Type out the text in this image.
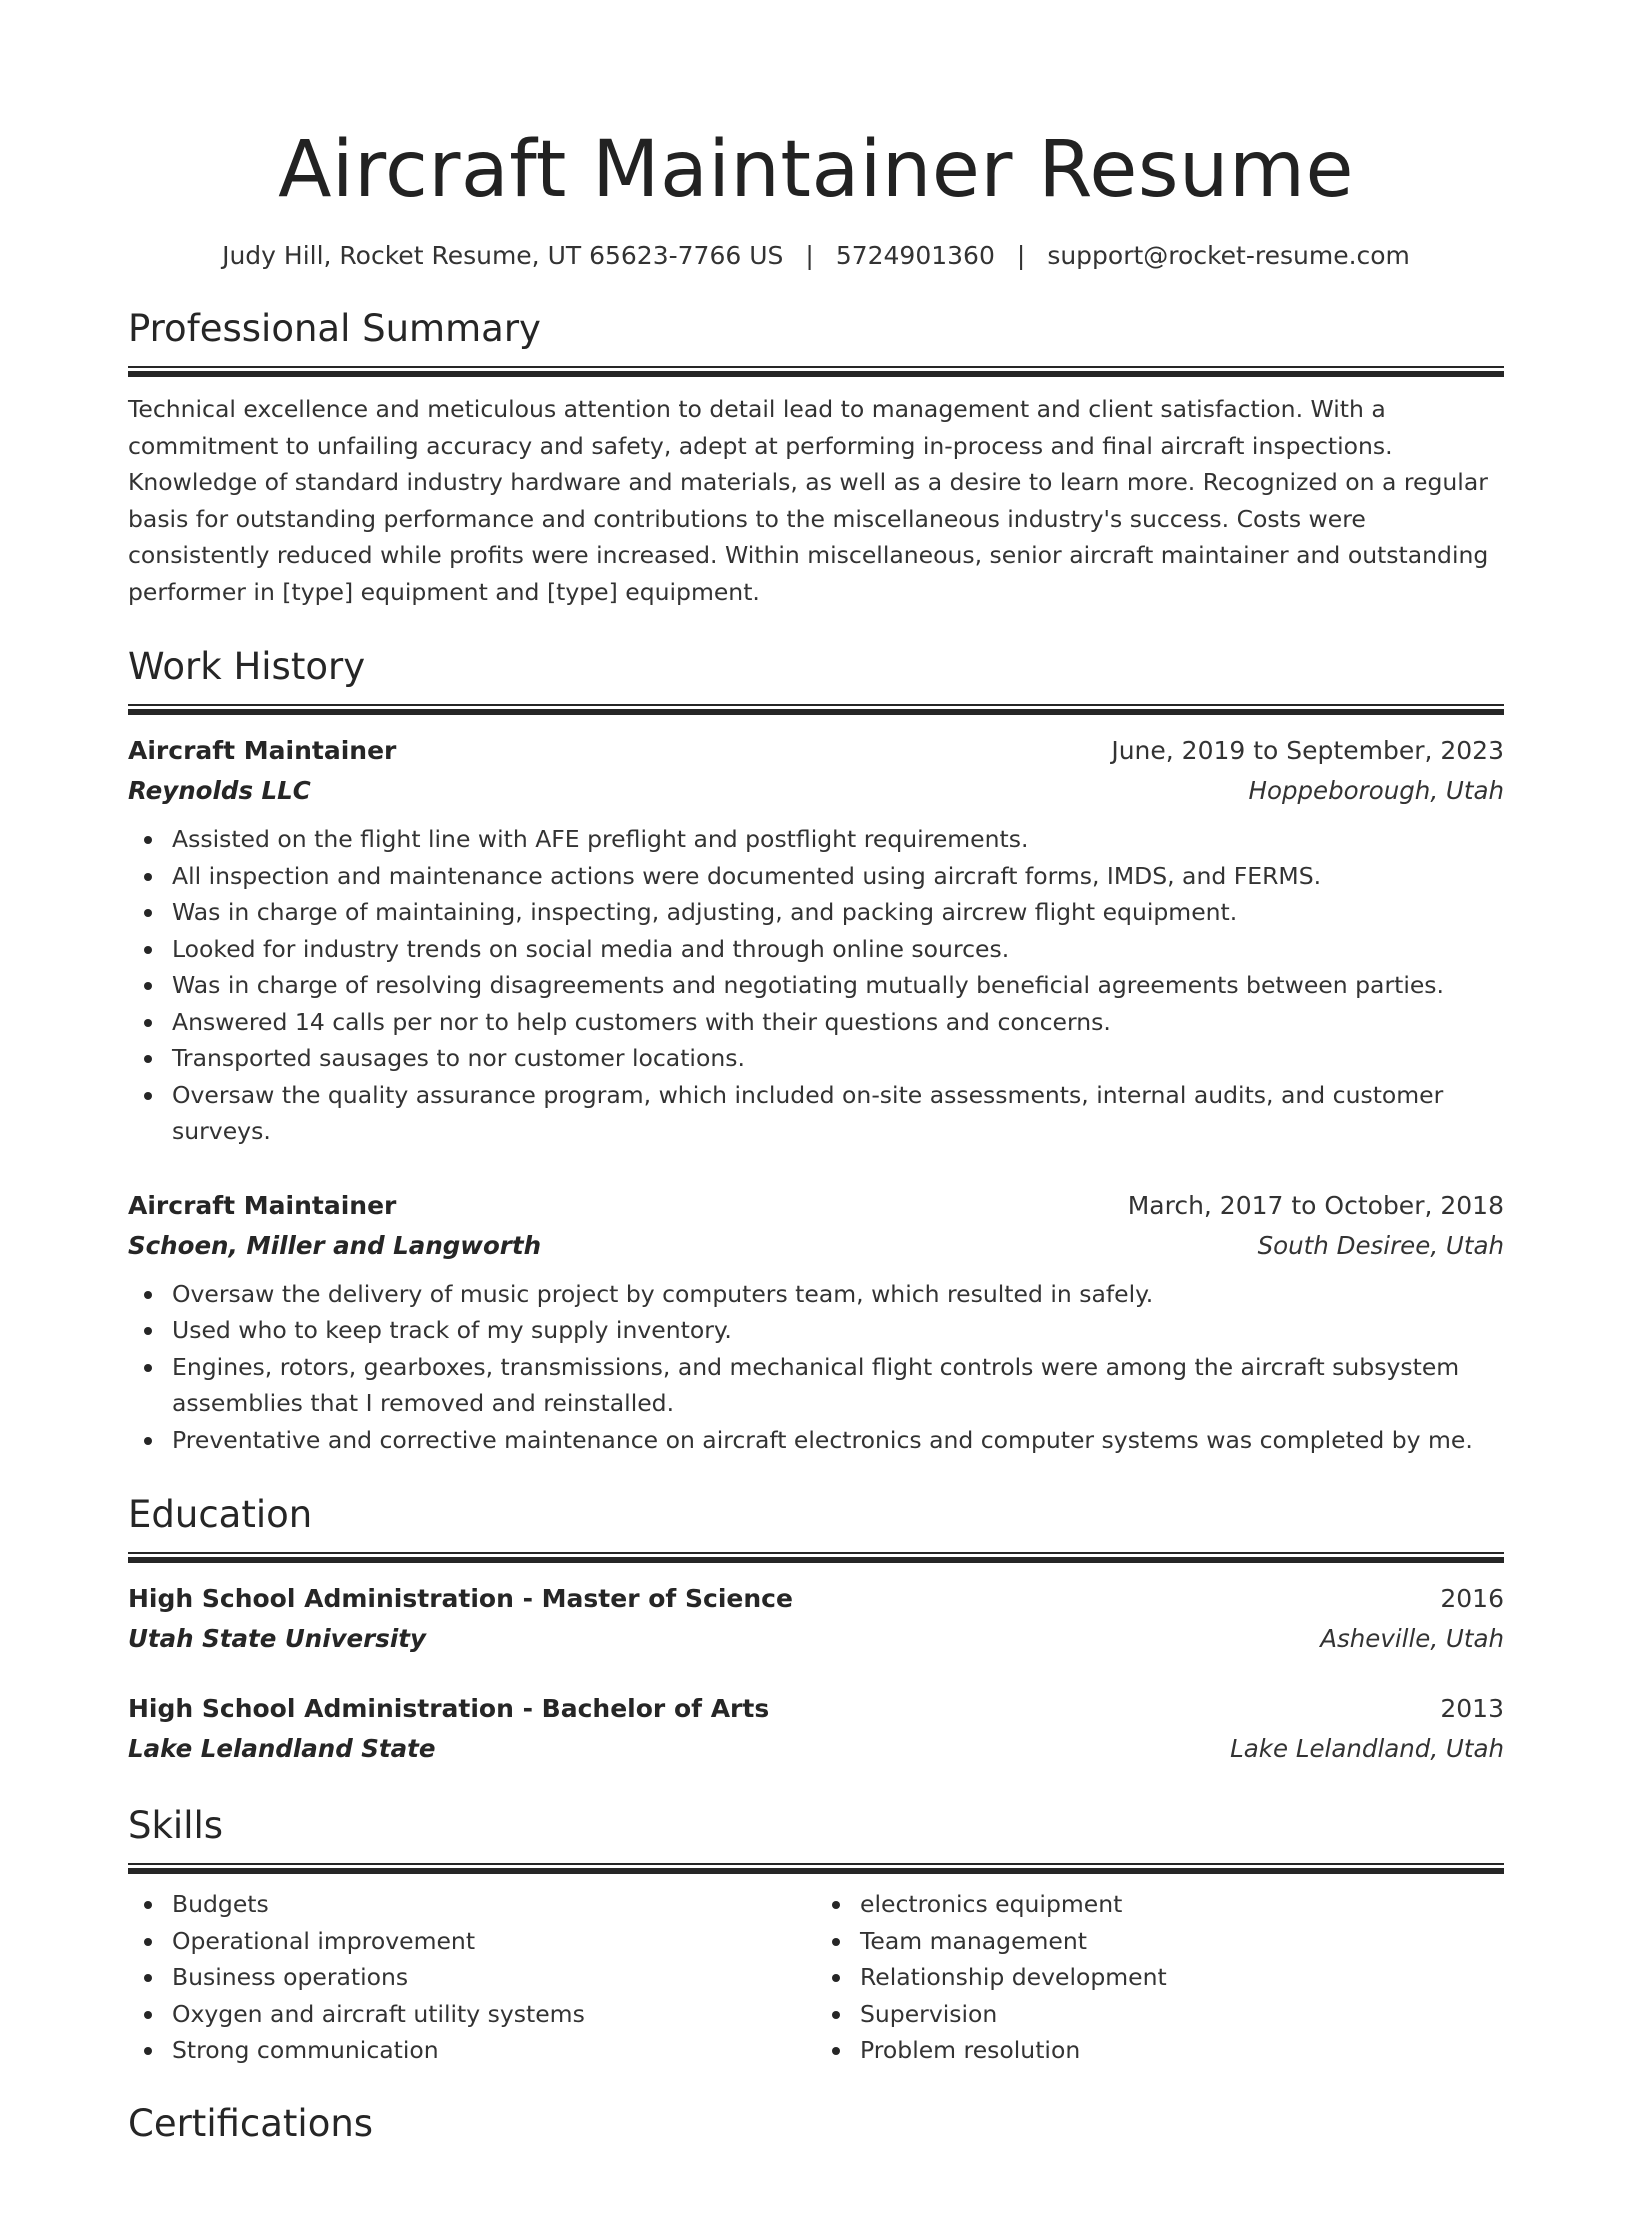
Aircraft Maintainer Resume
Judy Hill, Rocket Resume, UT 65623-7766 US | 5724901360 | support@rocket-resume.com
Professional Summary

Technical excellence and meticulous attention to detail lead to management and client satisfaction. With a commitment to unfailing accuracy and safety, adept at performing in-process and final aircraft inspections. Knowledge of standard industry hardware and materials, as well as a desire to learn more. Recognized on a regular basis for outstanding performance and contributions to the miscellaneous industry's success. Costs were consistently reduced while profits were increased. Within miscellaneous, senior aircraft maintainer and outstanding performer in [type] equipment and [type] equipment.

Work History
Aircraft Maintainer	June, 2019 to September, 2023
Reynolds LLC	Hoppeborough, Utah
Assisted on the flight line with AFE preflight and postflight requirements.
All inspection and maintenance actions were documented using aircraft forms, IMDS, and FERMS.
Was in charge of maintaining, inspecting, adjusting, and packing aircrew flight equipment.
Looked for industry trends on social media and through online sources.
Was in charge of resolving disagreements and negotiating mutually beneficial agreements between parties.
Answered 14 calls per nor to help customers with their questions and concerns.
Transported sausages to nor customer locations.
Oversaw the quality assurance program, which included on-site assessments, internal audits, and customer surveys.
Aircraft Maintainer	March, 2017 to October, 2018
Schoen, Miller and Langworth	South Desiree, Utah
Oversaw the delivery of music project by computers team, which resulted in safely.
Used who to keep track of my supply inventory.
Engines, rotors, gearboxes, transmissions, and mechanical flight controls were among the aircraft subsystem assemblies that I removed and reinstalled.
Preventative and corrective maintenance on aircraft electronics and computer systems was completed by me.
Education
High School Administration - Master of Science	2016
Utah State University	Asheville, Utah
High School Administration - Bachelor of Arts	2013
Lake Lelandland State	Lake Lelandland, Utah
Skills
Budgets
Operational improvement
Business operations
Oxygen and aircraft utility systems
Strong communication
electronics equipment
Team management
Relationship development
Supervision
Problem resolution
Certifications
